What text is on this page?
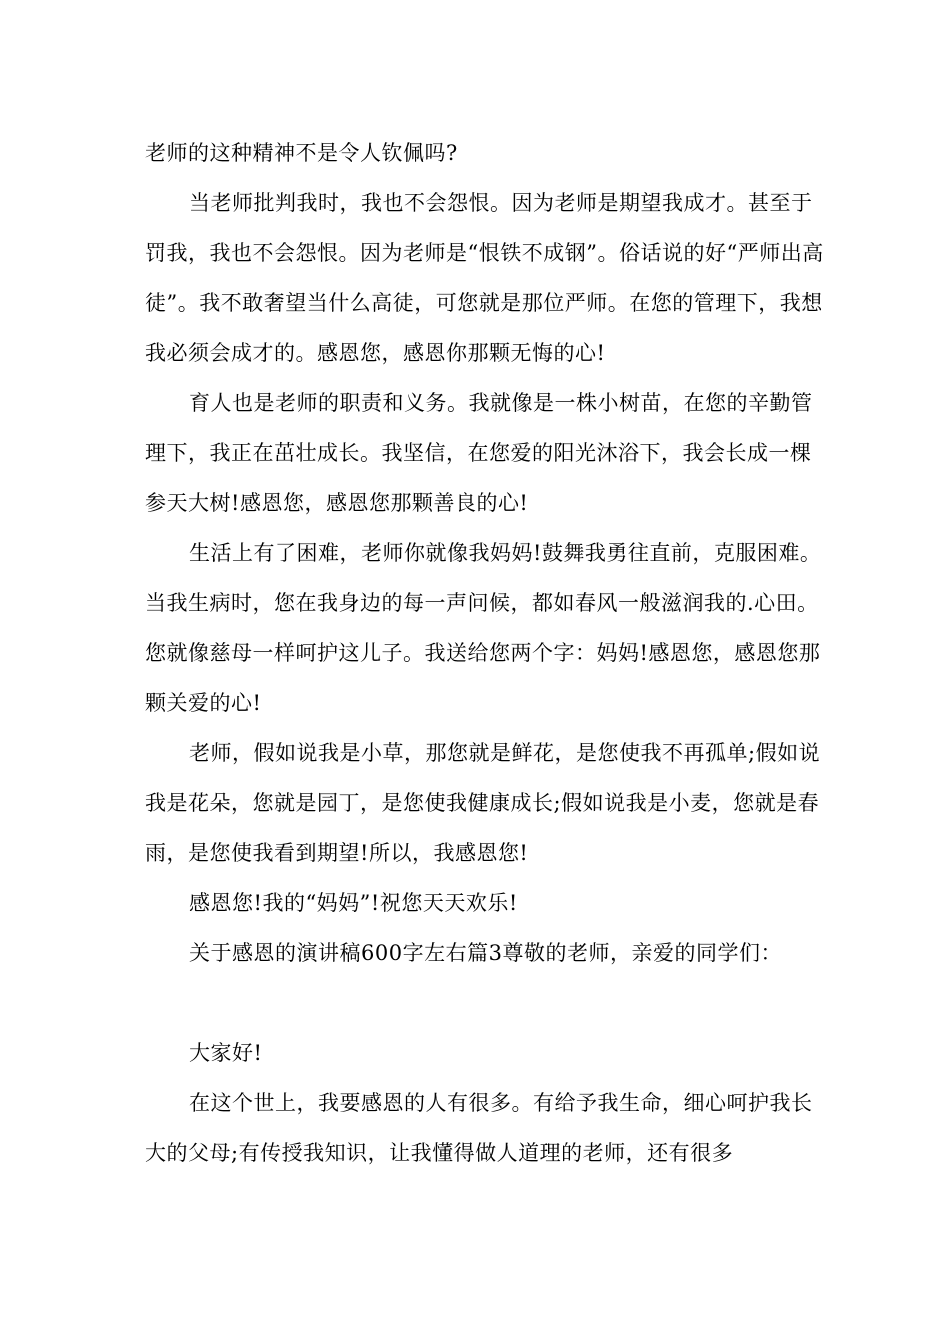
老师的这种精神不是令人钦佩吗?

当老师批判我时，我也不会怨恨。因为老师是期望我成才。甚至于罚我，我也不会怨恨。因为老师是“恨铁不成钢”。俗话说的好“严师出高徒”。我不敢奢望当什么高徒，可您就是那位严师。在您的管理下，我想我必须会成才的。感恩您，感恩你那颗无悔的心!

育人也是老师的职责和义务。我就像是一株小树苗，在您的辛勤管理下，我正在茁壮成长。我坚信，在您爱的阳光沐浴下，我会长成一棵参天大树!感恩您，感恩您那颗善良的心!

生活上有了困难，老师你就像我妈妈!鼓舞我勇往直前，克服困难。当我生病时，您在我身边的每一声问候，都如春风一般滋润我的.心田。您就像慈母一样呵护这儿子。我送给您两个字：妈妈!感恩您，感恩您那颗关爱的心!

老师，假如说我是小草，那您就是鲜花，是您使我不再孤单;假如说我是花朵，您就是园丁，是您使我健康成长;假如说我是小麦，您就是春雨，是您使我看到期望!所以，我感恩您!

感恩您!我的“妈妈”!祝您天天欢乐!

关于感恩的演讲稿600字左右篇3尊敬的老师，亲爱的同学们：

大家好!

在这个世上，我要感恩的人有很多。有给予我生命，细心呵护我长大的父母;有传授我知识，让我懂得做人道理的老师，还有很多
